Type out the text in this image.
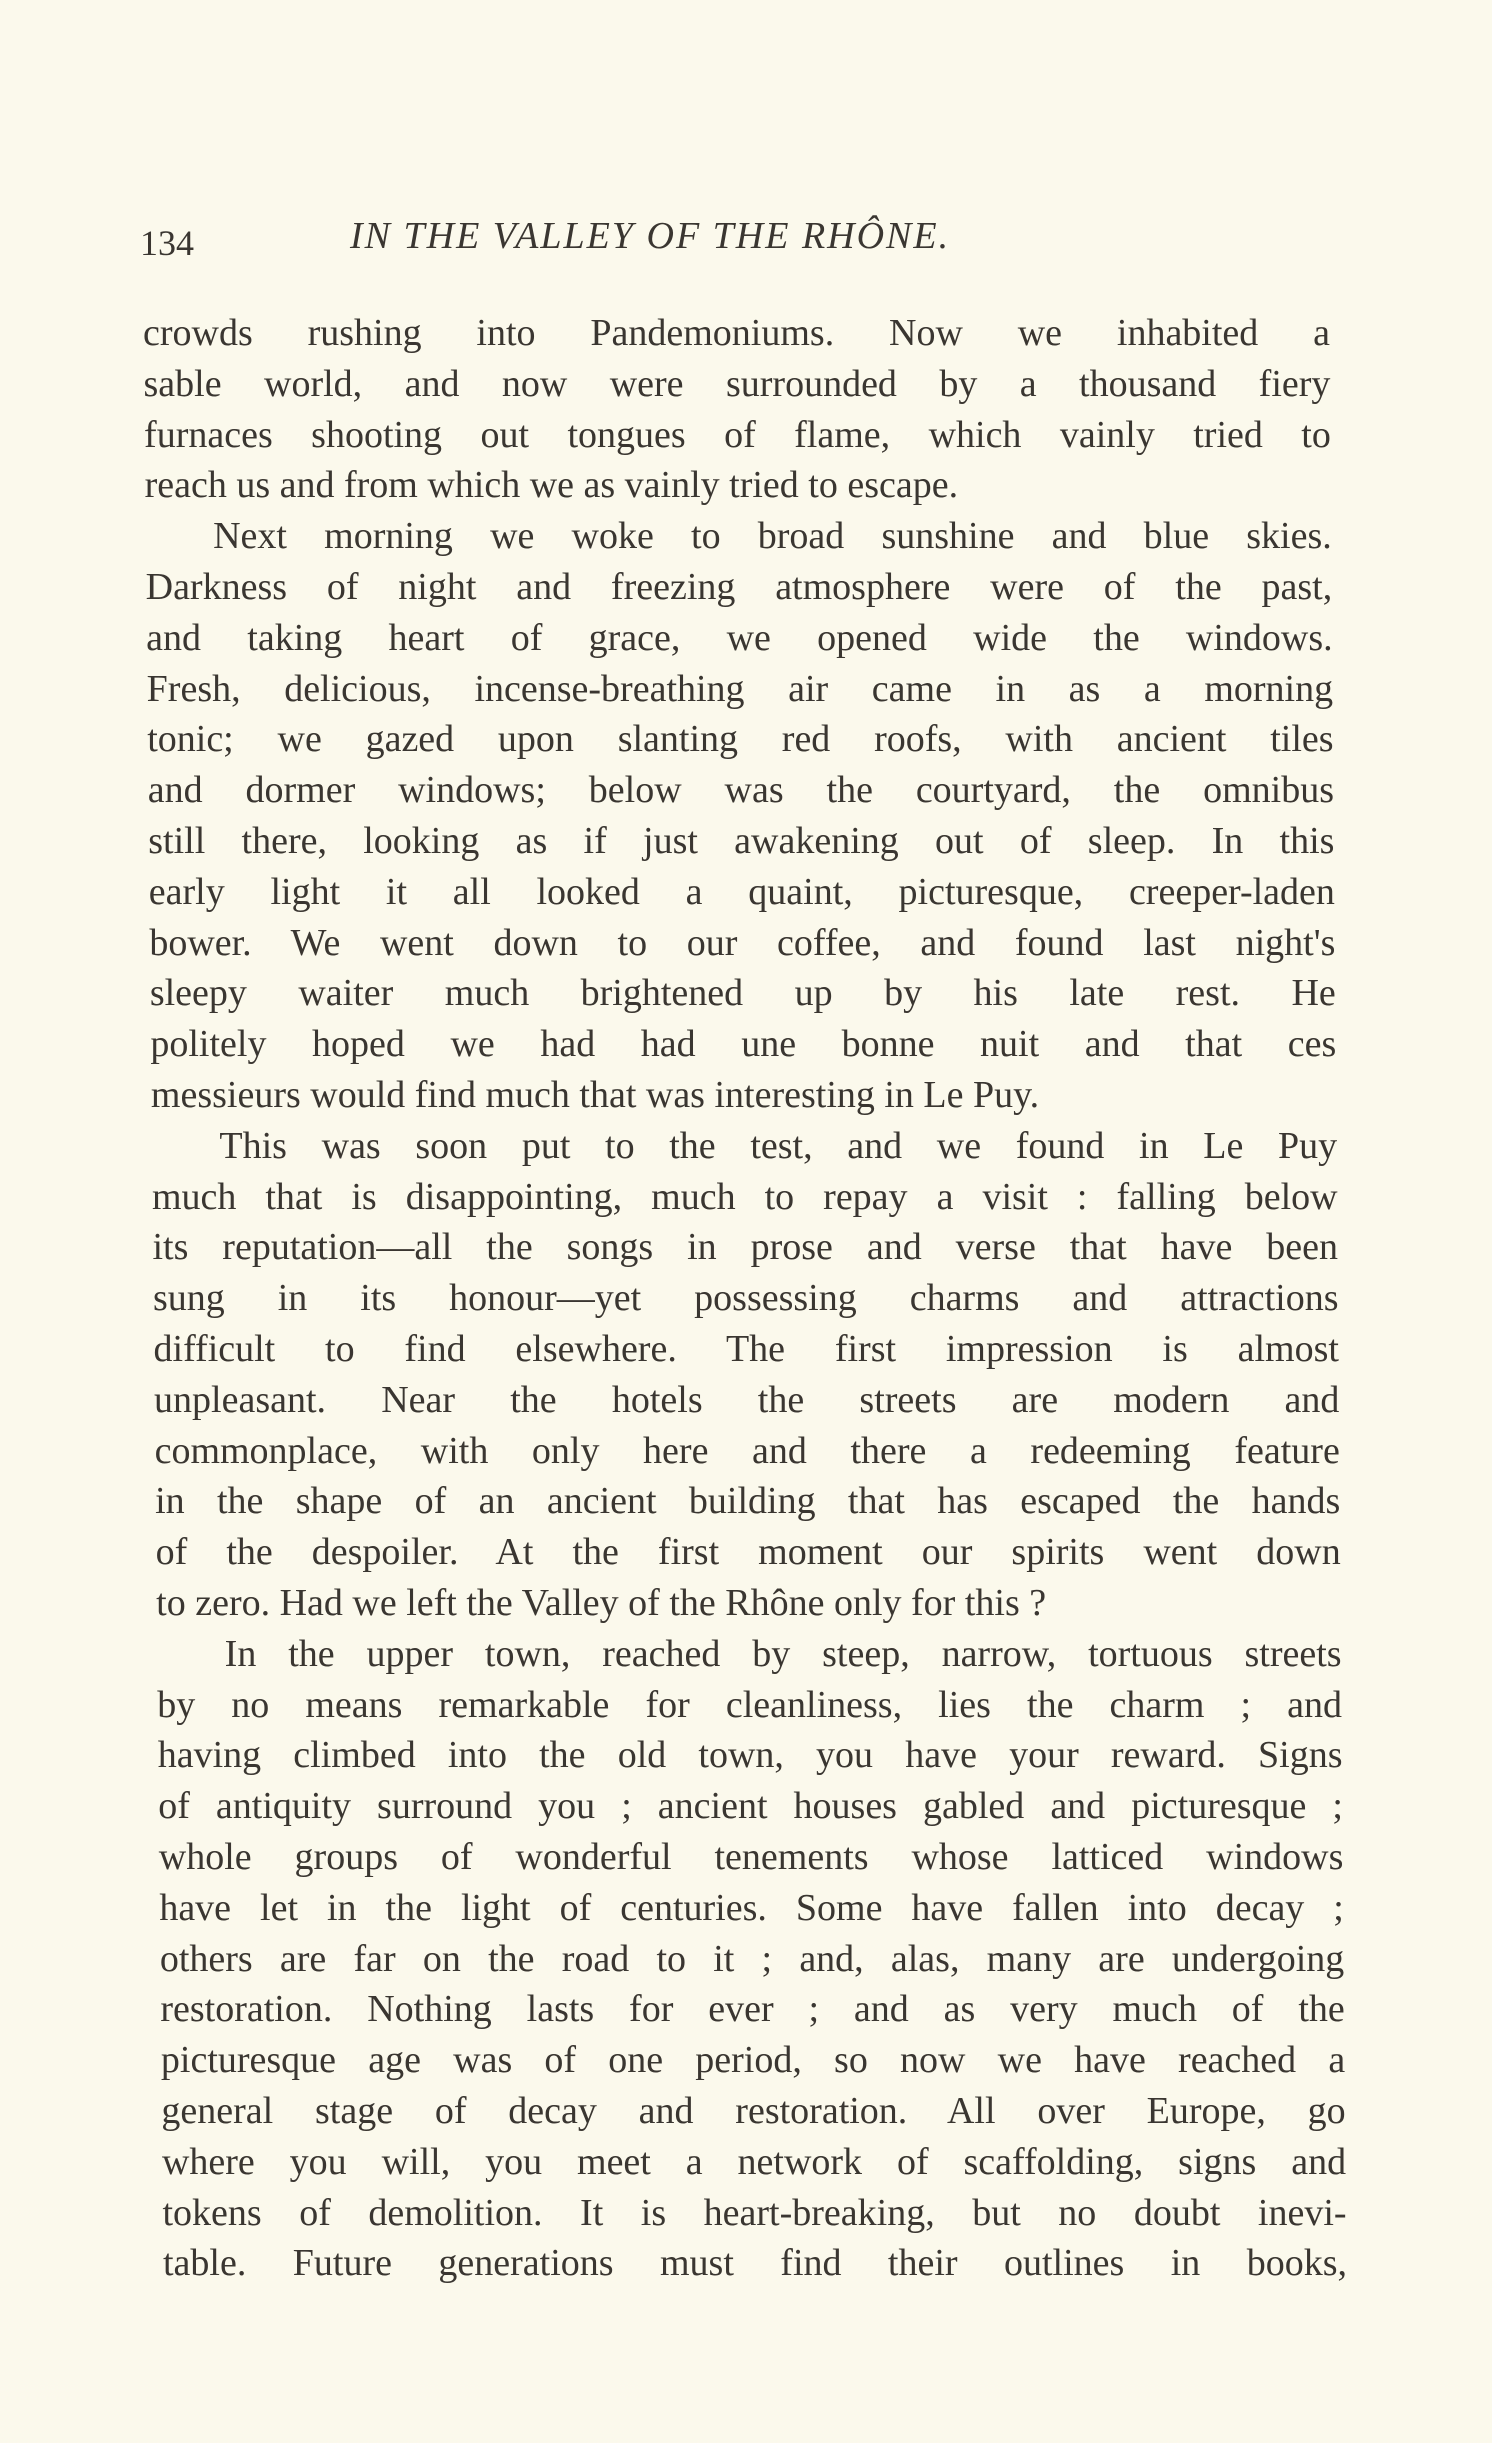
134	IN THE VALLEY OF THE RHÔNE.
crowds rushing into Pandemoniums. Now we inhabited a
sable world, and now were surrounded by a thousand fiery
furnaces shooting out tongues of flame, which vainly tried to
reach us and from which we as vainly tried to escape.
Next morning we woke to broad sunshine and blue skies.
Darkness of night and freezing atmosphere were of the past,
and taking heart of grace, we opened wide the windows.
Fresh, delicious, incense-breathing air came in as a morning
tonic; we gazed upon slanting red roofs, with ancient tiles
and dormer windows; below was the courtyard, the omnibus
still there, looking as if just awakening out of sleep. In this
early light it all looked a quaint, picturesque, creeper-laden
bower. We went down to our coffee, and found last night's
sleepy waiter much brightened up by his late rest. He
politely hoped we had had une bonne nuit and that ces
messieurs would find much that was interesting in Le Puy.
This was soon put to the test, and we found in Le Puy
much that is disappointing, much to repay a visit : falling below
its reputation—all the songs in prose and verse that have been
sung in its honour—yet possessing charms and attractions
difficult to find elsewhere. The first impression is almost
unpleasant. Near the hotels the streets are modern and
commonplace, with only here and there a redeeming feature
in the shape of an ancient building that has escaped the hands
of the despoiler. At the first moment our spirits went down
to zero. Had we left the Valley of the Rhône only for this ?
In the upper town, reached by steep, narrow, tortuous streets
by no means remarkable for cleanliness, lies the charm ; and
having climbed into the old town, you have your reward. Signs
of antiquity surround you ; ancient houses gabled and picturesque ;
whole groups of wonderful tenements whose latticed windows
have let in the light of centuries. Some have fallen into decay ;
others are far on the road to it ; and, alas, many are undergoing
restoration. Nothing lasts for ever ; and as very much of the
picturesque age was of one period, so now we have reached a
general stage of decay and restoration. All over Europe, go
where you will, you meet a network of scaffolding, signs and
tokens of demolition. It is heart-breaking, but no doubt inevi-
table. Future generations must find their outlines in books,
